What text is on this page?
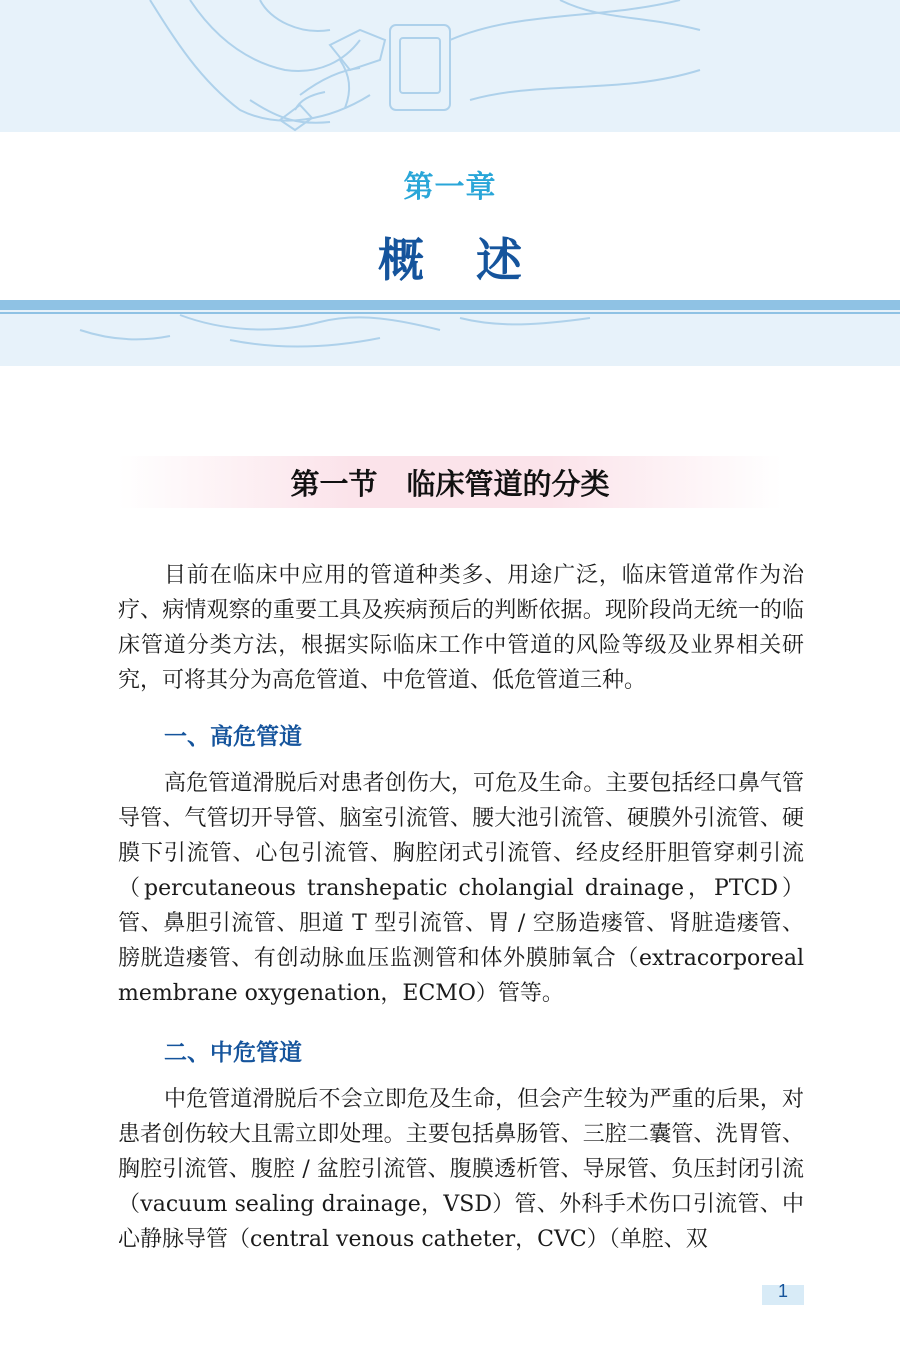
第一章
概述
第一节　临床管道的分类

目前在临床中应用的管道种类多、用途广泛，临床管道常作为治疗、病情观察的重要工具及疾病预后的判断依据。现阶段尚无统一的临床管道分类方法，根据实际临床工作中管道的风险等级及业界相关研究，可将其分为高危管道、中危管道、低危管道三种。

一、高危管道

高危管道滑脱后对患者创伤大，可危及生命。主要包括经口鼻气管导管、气管切开导管、脑室引流管、腰大池引流管、硬膜外引流管、硬膜下引流管、心包引流管、胸腔闭式引流管、经皮经肝胆管穿刺引流（percutaneous transhepatic cholangial drainage，PTCD）管、鼻胆引流管、胆道 T 型引流管、胃 / 空肠造瘘管、肾脏造瘘管、膀胱造瘘管、有创动脉血压监测管和体外膜肺氧合（extracorporeal membrane oxygenation，ECMO）管等。

二、中危管道

中危管道滑脱后不会立即危及生命，但会产生较为严重的后果，对患者创伤较大且需立即处理。主要包括鼻肠管、三腔二囊管、洗胃管、胸腔引流管、腹腔 / 盆腔引流管、腹膜透析管、导尿管、负压封闭引流（vacuum sealing drainage，VSD）管、外科手术伤口引流管、中心静脉导管（central venous catheter，CVC）（单腔、双

1
